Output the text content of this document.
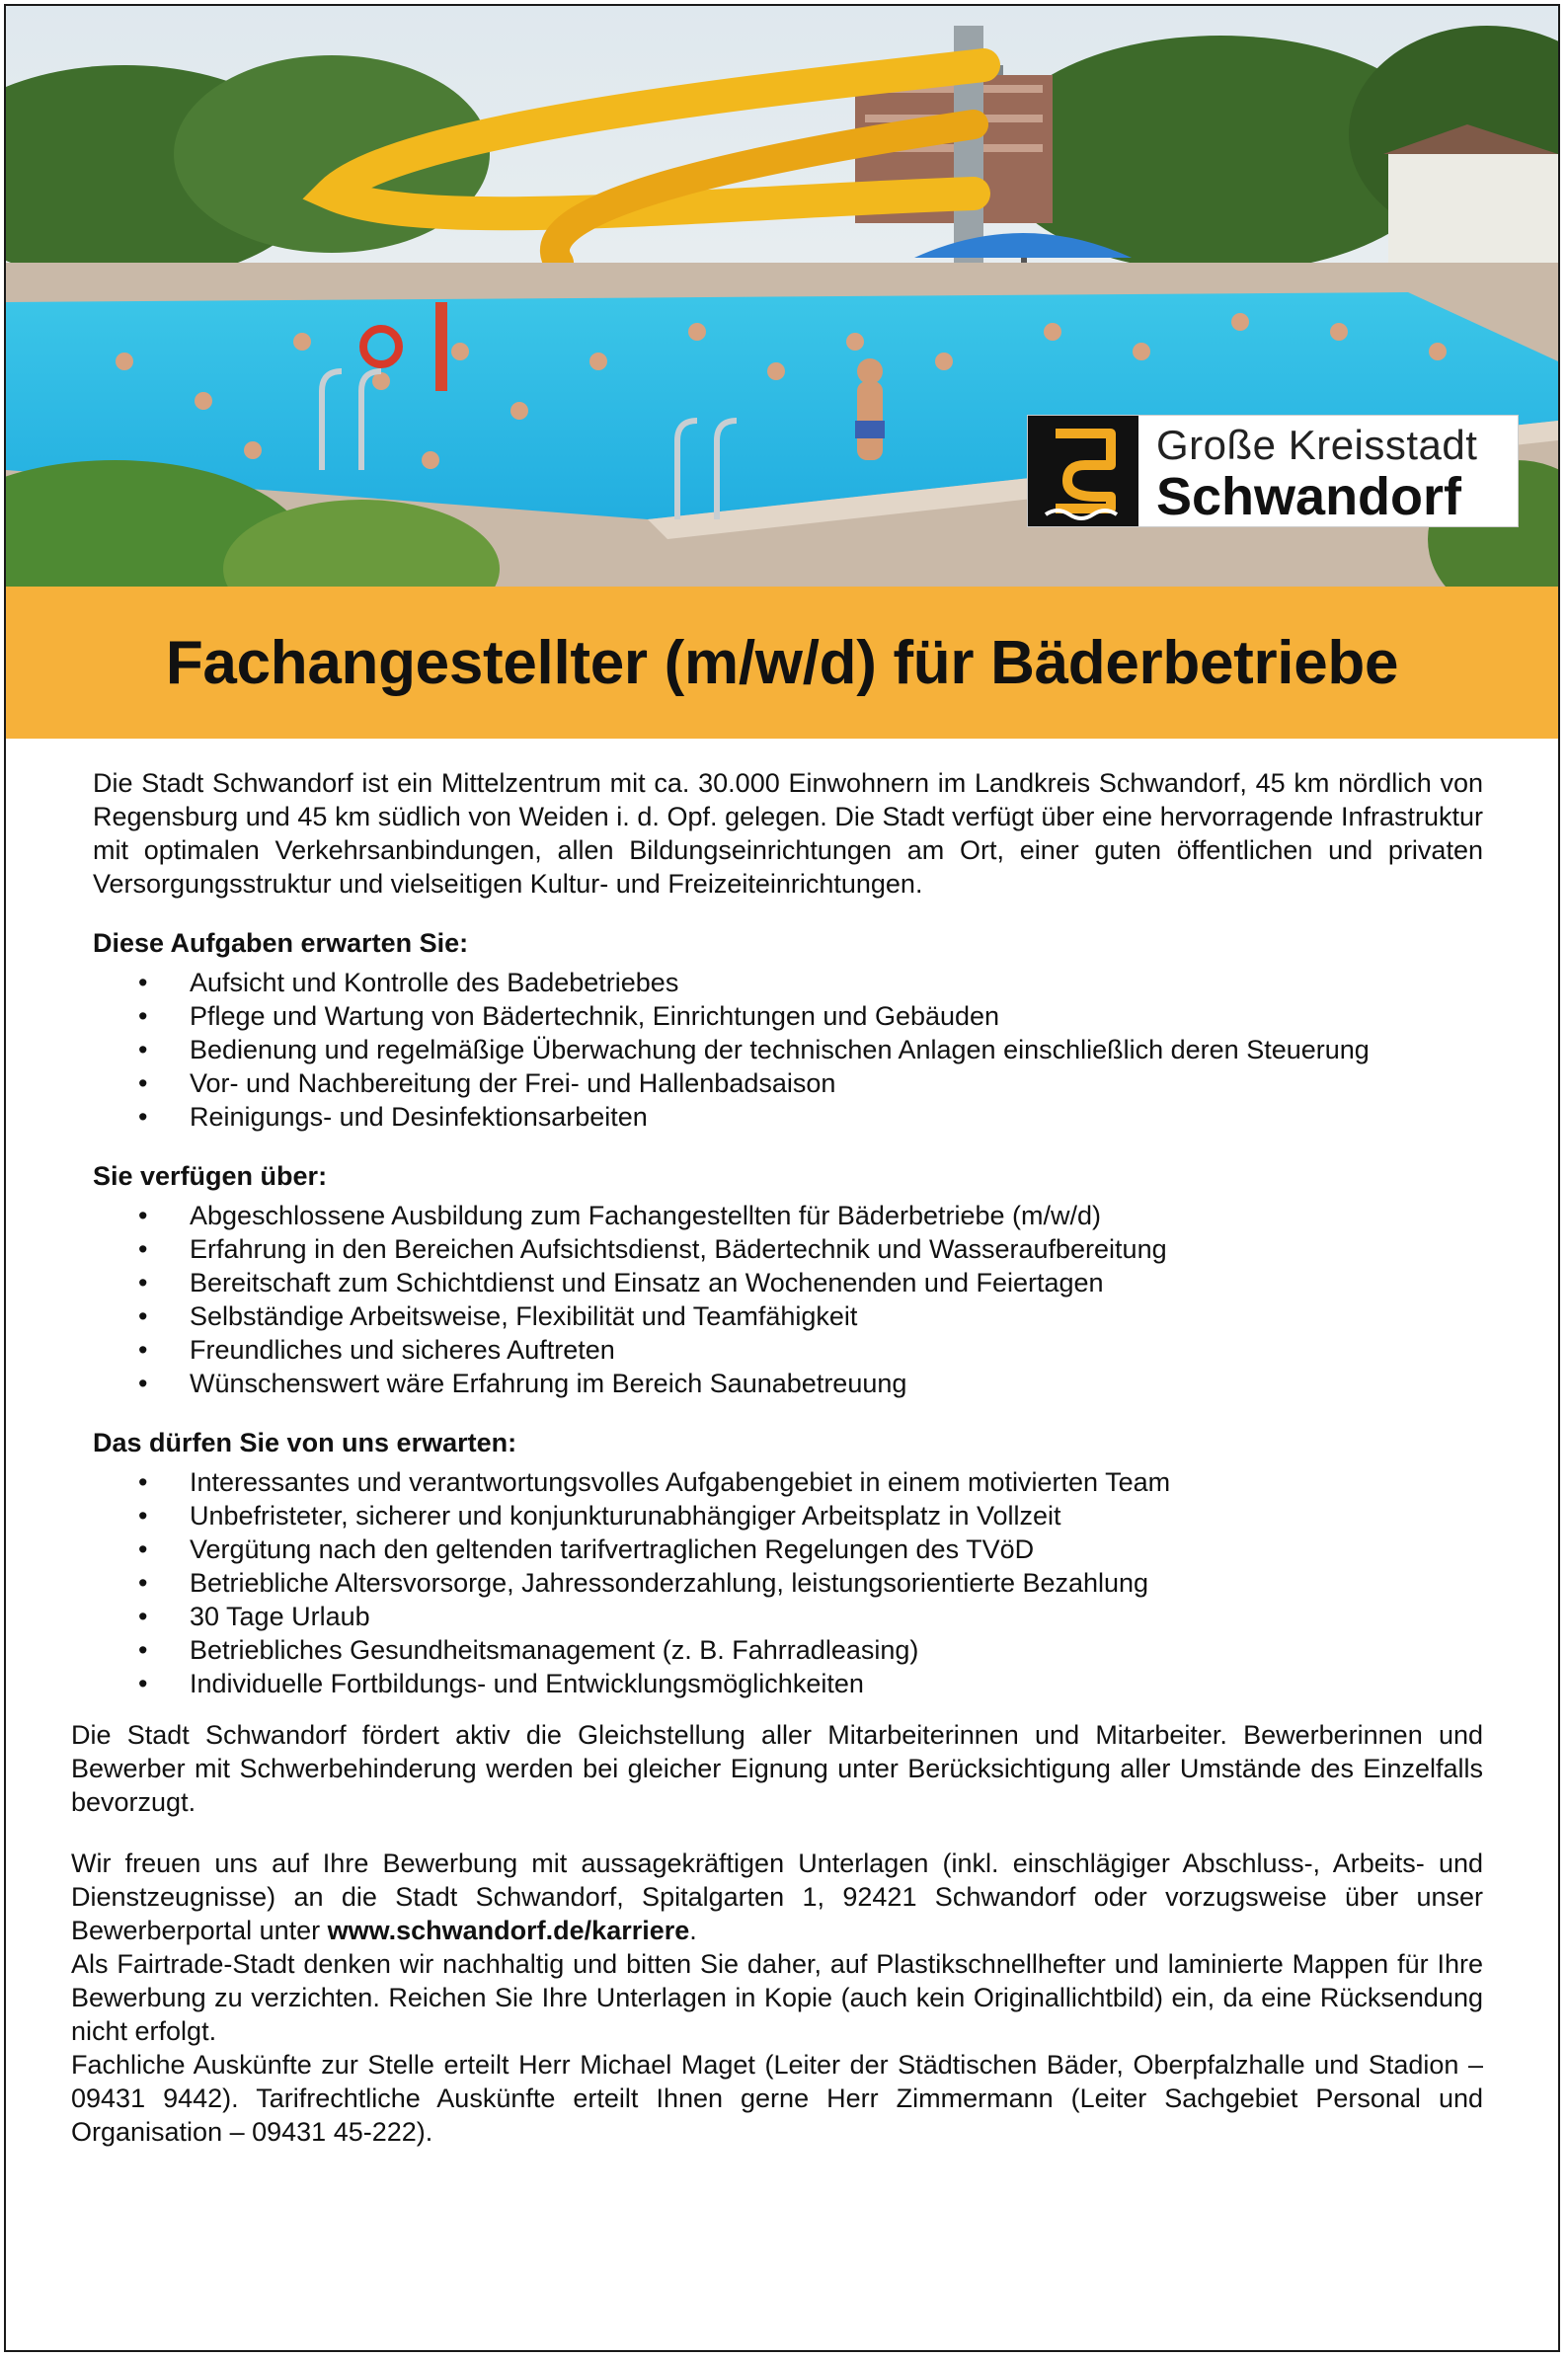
Große Kreisstadt
Schwandorf
Fachangestellter (m/w/d) für Bäderbetriebe

Die Stadt Schwandorf ist ein Mittelzentrum mit ca. 30.000 Einwohnern im Landkreis Schwandorf, 45 km nördlich von Regensburg und 45 km südlich von Weiden i. d. Opf. gelegen. Die Stadt verfügt über eine hervorragende Infrastruktur mit optimalen Verkehrsanbindungen, allen Bildungseinrichtungen am Ort, einer guten öffentlichen und privaten Versorgungsstruktur und vielseitigen Kultur- und Freizeiteinrichtungen.

Diese Aufgaben erwarten Sie:
• Aufsicht und Kontrolle des Badebetriebes
• Pflege und Wartung von Bädertechnik, Einrichtungen und Gebäuden
• Bedienung und regelmäßige Überwachung der technischen Anlagen einschließlich deren Steuerung
• Vor- und Nachbereitung der Frei- und Hallenbadsaison
• Reinigungs- und Desinfektionsarbeiten
Sie verfügen über:
• Abgeschlossene Ausbildung zum Fachangestellten für Bäderbetriebe (m/w/d)
• Erfahrung in den Bereichen Aufsichtsdienst, Bädertechnik und Wasseraufbereitung
• Bereitschaft zum Schichtdienst und Einsatz an Wochenenden und Feiertagen
• Selbständige Arbeitsweise, Flexibilität und Teamfähigkeit
• Freundliches und sicheres Auftreten
• Wünschenswert wäre Erfahrung im Bereich Saunabetreuung
Das dürfen Sie von uns erwarten:
• Interessantes und verantwortungsvolles Aufgabengebiet in einem motivierten Team
• Unbefristeter, sicherer und konjunkturunabhängiger Arbeitsplatz in Vollzeit
• Vergütung nach den geltenden tarifvertraglichen Regelungen des TVöD
• Betriebliche Altersvorsorge, Jahressonderzahlung, leistungsorientierte Bezahlung
• 30 Tage Urlaub
• Betriebliches Gesundheitsmanagement (z. B. Fahrradleasing)
• Individuelle Fortbildungs- und Entwicklungsmöglichkeiten

Die Stadt Schwandorf fördert aktiv die Gleichstellung aller Mitarbeiterinnen und Mitarbeiter. Bewerberinnen und Bewerber mit Schwerbehinderung werden bei gleicher Eignung unter Berücksichtigung aller Umstände des Einzelfalls bevorzugt.

Wir freuen uns auf Ihre Bewerbung mit aussagekräftigen Unterlagen (inkl. einschlägiger Abschluss-, Arbeits- und Dienstzeugnisse) an die Stadt Schwandorf, Spitalgarten 1, 92421 Schwandorf oder vorzugsweise über unser Bewerberportal unter www.schwandorf.de/karriere.

Als Fairtrade-Stadt denken wir nachhaltig und bitten Sie daher, auf Plastikschnellhefter und laminierte Mappen für Ihre Bewerbung zu verzichten. Reichen Sie Ihre Unterlagen in Kopie (auch kein Originallichtbild) ein, da eine Rücksendung nicht erfolgt.

Fachliche Auskünfte zur Stelle erteilt Herr Michael Maget (Leiter der Städtischen Bäder, Oberpfalzhalle und Stadion – 09431 9442). Tarifrechtliche Auskünfte erteilt Ihnen gerne Herr Zimmermann (Leiter Sachgebiet Personal und Organisation – 09431 45-222).
